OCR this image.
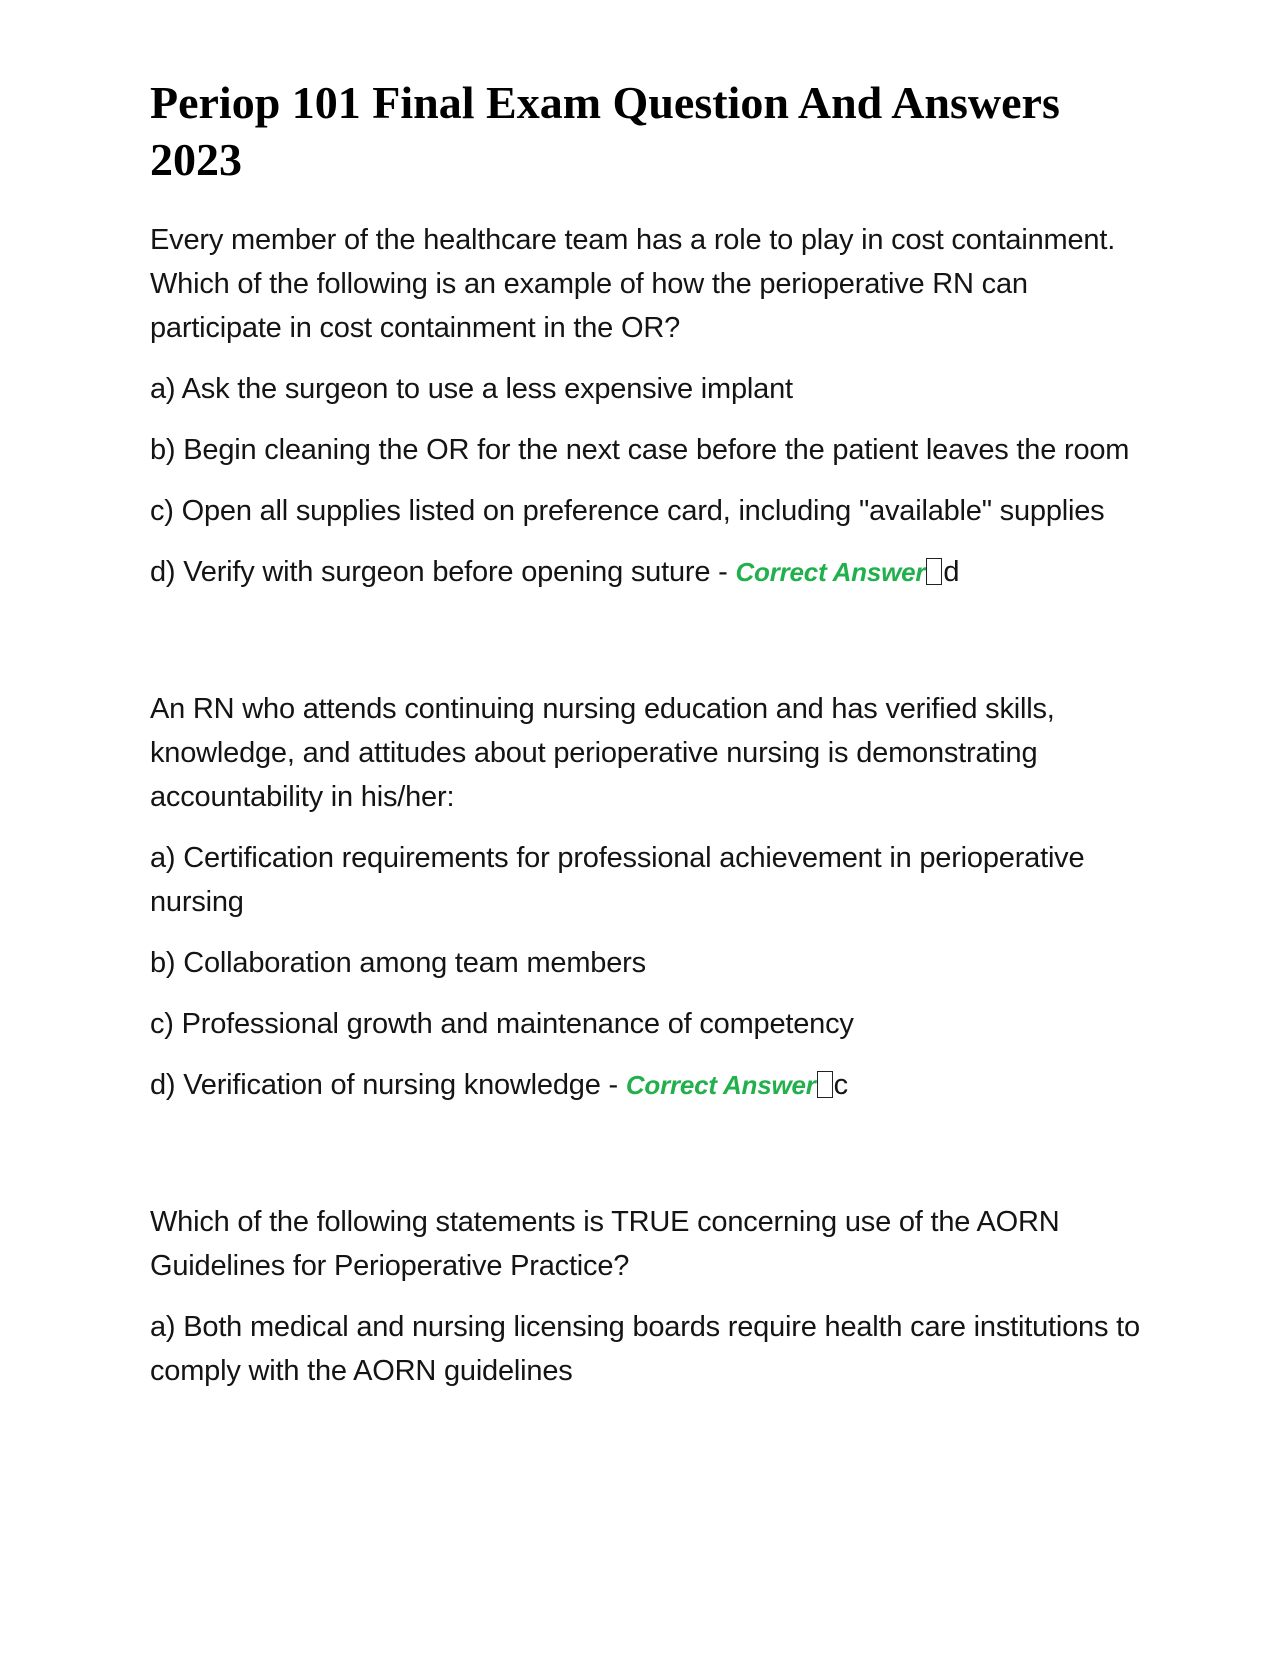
Periop 101 Final Exam Question And Answers 2023

Every member of the healthcare team has a role to play in cost containment. Which of the following is an example of how the perioperative RN can participate in cost containment in the OR?

a) Ask the surgeon to use a less expensive implant

b) Begin cleaning the OR for the next case before the patient leaves the room

c) Open all supplies listed on preference card, including "available" supplies

d) Verify with surgeon before opening suture - Correct Answer d

An RN who attends continuing nursing education and has verified skills, knowledge, and attitudes about perioperative nursing is demonstrating accountability in his/her:

a) Certification requirements for professional achievement in perioperative nursing

b) Collaboration among team members

c) Professional growth and maintenance of competency

d) Verification of nursing knowledge - Correct Answer c

Which of the following statements is TRUE concerning use of the AORN Guidelines for Perioperative Practice?

a) Both medical and nursing licensing boards require health care institutions to comply with the AORN guidelines
